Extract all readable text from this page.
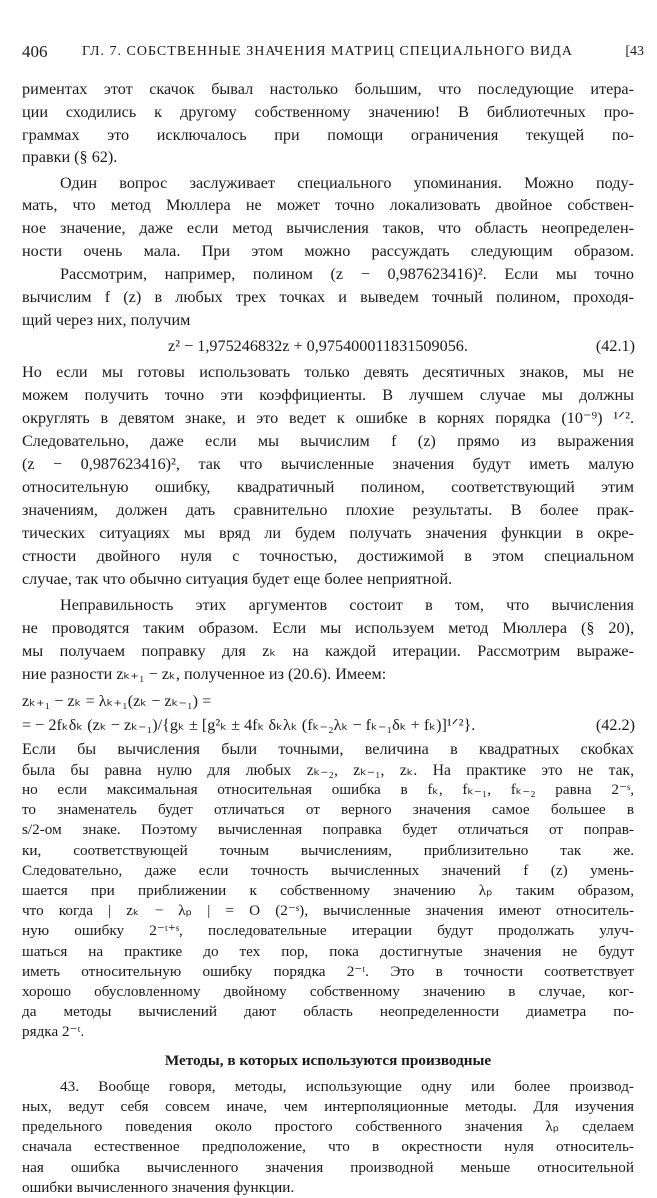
406 ГЛ. 7. СОБСТВЕННЫЕ ЗНАЧЕНИЯ МАТРИЦ СПЕЦИАЛЬНОГО ВИДА	[43
риментах этот скачок бывал настолько большим, что последующие итера-
ции сходились к другому собственному значению! В библиотечных про-
граммах это исключалось при помощи ограничения текущей по-
правки (§ 62).
Один вопрос заслуживает специального упоминания. Можно поду-
мать, что метод Мюллера не может точно локализовать двойное собствен-
ное значение, даже если метод вычисления таков, что область неопределен-
ности очень мала. При этом можно рассуждать следующим образом.
Рассмотрим, например, полином (z − 0,987623416)². Если мы точно
вычислим f (z) в любых трех точках и выведем точный полином, проходя-
щий через них, получим
z² − 1,975246832z + 0,975400011831509056.	(42.1)
Но если мы готовы использовать только девять десятичных знаков, мы не
можем получить точно эти коэффициенты. В лучшем случае мы должны
округлять в девятом знаке, и это ведет к ошибке в корнях порядка (10⁻⁹) ¹ᐟ².
Следовательно, даже если мы вычислим f (z) прямо из выражения
(z − 0,987623416)², так что вычисленные значения будут иметь малую
относительную ошибку, квадратичный полином, соответствующий этим
значениям, должен дать сравнительно плохие результаты. В более прак-
тических ситуациях мы вряд ли будем получать значения функции в окре-
стности двойного нуля с точностью, достижимой в этом специальном
случае, так что обычно ситуация будет еще более неприятной.
Неправильность этих аргументов состоит в том, что вычисления
не проводятся таким образом. Если мы используем метод Мюллера (§ 20),
мы получаем поправку для zₖ на каждой итерации. Рассмотрим выраже-
ние разности zₖ₊₁ − zₖ, полученное из (20.6). Имеем:
zₖ₊₁ − zₖ = λₖ₊₁(zₖ − zₖ₋₁) =
= − 2fₖδₖ (zₖ − zₖ₋₁)/{gₖ ± [g²ₖ ± 4fₖ δₖλₖ (fₖ₋₂λₖ − fₖ₋₁δₖ + fₖ)]¹ᐟ²}.	(42.2)
Если бы вычисления были точными, величина в квадратных скобках
была бы равна нулю для любых zₖ₋₂, zₖ₋₁, zₖ. На практике это не так,
но если максимальная относительная ошибка в fₖ, fₖ₋₁, fₖ₋₂ равна 2⁻ˢ,
то знаменатель будет отличаться от верного значения самое большее в
s/2-ом знаке. Поэтому вычисленная поправка будет отличаться от поправ-
ки, соответствующей точным вычислениям, приблизительно так же.
Следовательно, даже если точность вычисленных значений f (z) умень-
шается при приближении к собственному значению λₚ таким образом,
что когда | zₖ − λₚ | = O (2⁻ˢ), вычисленные значения имеют относитель-
ную ошибку 2⁻ᵗ⁺ˢ, последовательные итерации будут продолжать улуч-
шаться на практике до тех пор, пока достигнутые значения не будут
иметь относительную ошибку порядка 2⁻ᵗ. Это в точности соответствует
хорошо обусловленному двойному собственному значению в случае, ког-
да методы вычислений дают область неопределенности диаметра по-
рядка 2⁻ᵗ.
Методы, в которых используются производные
43. Вообще говоря, методы, использующие одну или более производ-
ных, ведут себя совсем иначе, чем интерполяционные методы. Для изучения
предельного поведения около простого собственного значения λₚ сделаем
сначала естественное предположение, что в окрестности нуля относитель-
ная ошибка вычисленного значения производной меньше относительной
ошибки вычисленного значения функции.
